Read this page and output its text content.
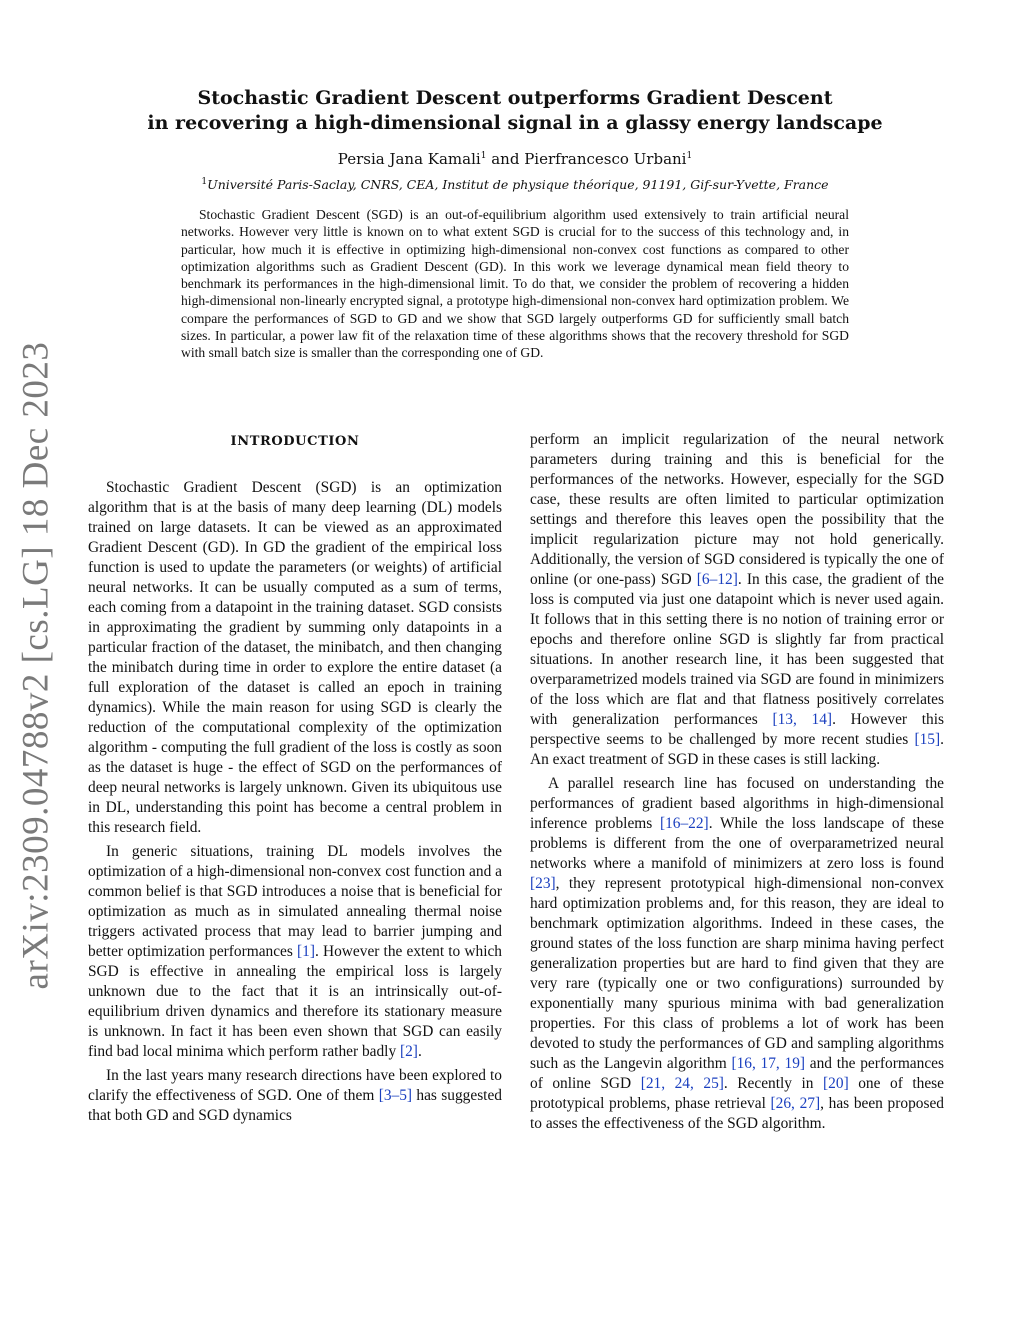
arXiv:2309.04788v2 [cs.LG] 18 Dec 2023
Stochastic Gradient Descent outperforms Gradient Descent
in recovering a high-dimensional signal in a glassy energy landscape
Persia Jana Kamali$^1$ and Pierfrancesco Urbani$^1$
$^1$Université Paris-Saclay, CNRS, CEA, Institut de physique théorique, 91191, Gif-sur-Yvette, France

Stochastic Gradient Descent (SGD) is an out-of-equilibrium algorithm used extensively to train artificial neural networks. However very little is known on to what extent SGD is crucial for to the success of this technology and, in particular, how much it is effective in optimizing high-dimensional non-convex cost functions as compared to other optimization algorithms such as Gradient Descent (GD). In this work we leverage dynamical mean field theory to benchmark its performances in the high-dimensional limit. To do that, we consider the problem of recovering a hidden high-dimensional non-linearly encrypted signal, a prototype high-dimensional non-convex hard optimization problem. We compare the performances of SGD to GD and we show that SGD largely outperforms GD for sufficiently small batch sizes. In particular, a power law fit of the relaxation time of these algorithms shows that the recovery threshold for SGD with small batch size is smaller than the corresponding one of GD.

INTRODUCTION

Stochastic Gradient Descent (SGD) is an optimization algorithm that is at the basis of many deep learning (DL) models trained on large datasets. It can be viewed as an approximated Gradient Descent (GD). In GD the gradient of the empirical loss function is used to update the parameters (or weights) of artificial neural networks. It can be usually computed as a sum of terms, each coming from a datapoint in the training dataset. SGD consists in approximating the gradient by summing only datapoints in a particular fraction of the dataset, the minibatch, and then changing the minibatch during time in order to explore the entire dataset (a full exploration of the dataset is called an epoch in training dynamics). While the main reason for using SGD is clearly the reduction of the computational complexity of the optimization algorithm - computing the full gradient of the loss is costly as soon as the dataset is huge - the effect of SGD on the performances of deep neural networks is largely unknown. Given its ubiquitous use in DL, understanding this point has become a central problem in this research field.

In generic situations, training DL models involves the optimization of a high-dimensional non-convex cost function and a common belief is that SGD introduces a noise that is beneficial for optimization as much as in simulated annealing thermal noise triggers activated process that may lead to barrier jumping and better optimization performances [1]. However the extent to which SGD is effective in annealing the empirical loss is largely unknown due to the fact that it is an intrinsically out-of-equilibrium driven dynamics and therefore its stationary measure is unknown. In fact it has been even shown that SGD can easily find bad local minima which perform rather badly [2].

In the last years many research directions have been explored to clarify the effectiveness of SGD. One of them [3–5] has suggested that both GD and SGD dynamics

perform an implicit regularization of the neural network parameters during training and this is beneficial for the performances of the networks. However, especially for the SGD case, these results are often limited to particular optimization settings and therefore this leaves open the possibility that the implicit regularization picture may not hold generically. Additionally, the version of SGD considered is typically the one of online (or one-pass) SGD [6–12]. In this case, the gradient of the loss is computed via just one datapoint which is never used again. It follows that in this setting there is no notion of training error or epochs and therefore online SGD is slightly far from practical situations. In another research line, it has been suggested that overparametrized models trained via SGD are found in minimizers of the loss which are flat and that flatness positively correlates with generalization performances [13, 14]. However this perspective seems to be challenged by more recent studies [15]. An exact treatment of SGD in these cases is still lacking.

A parallel research line has focused on understanding the performances of gradient based algorithms in high-dimensional inference problems [16–22]. While the loss landscape of these problems is different from the one of overparametrized neural networks where a manifold of minimizers at zero loss is found [23], they represent prototypical high-dimensional non-convex hard optimization problems and, for this reason, they are ideal to benchmark optimization algorithms. Indeed in these cases, the ground states of the loss function are sharp minima having perfect generalization properties but are hard to find given that they are very rare (typically one or two configurations) surrounded by exponentially many spurious minima with bad generalization properties. For this class of problems a lot of work has been devoted to study the performances of GD and sampling algorithms such as the Langevin algorithm [16, 17, 19] and the performances of online SGD [21, 24, 25]. Recently in [20] one of these prototypical problems, phase retrieval [26, 27], has been proposed to asses the effectiveness of the SGD algorithm.
